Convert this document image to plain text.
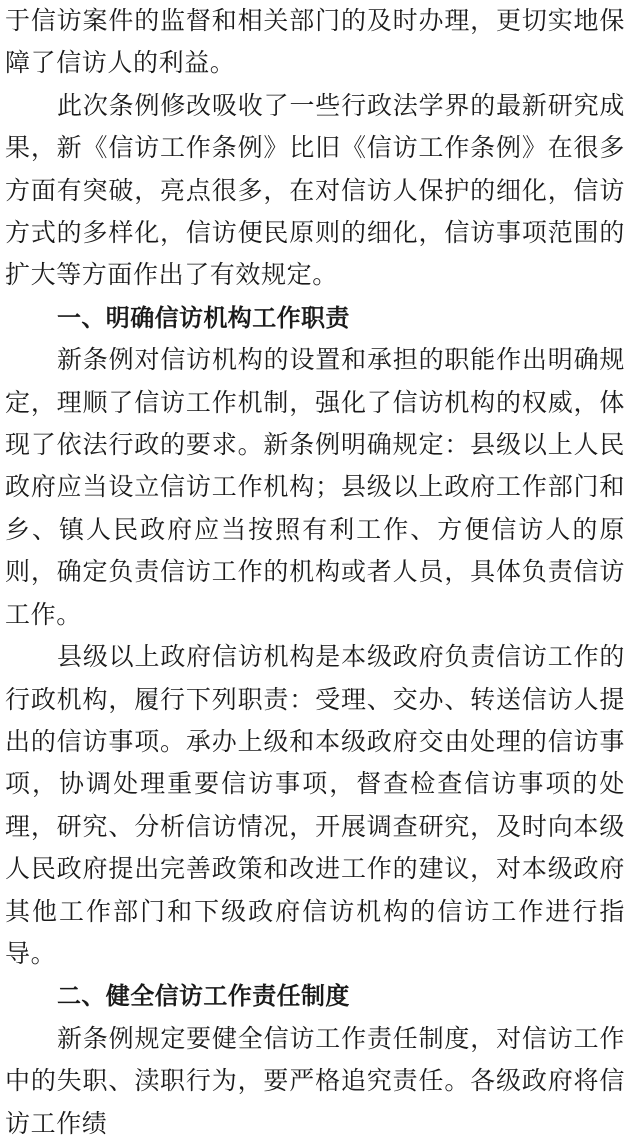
于信访案件的监督和相关部门的及时办理，更切实地保障了信访人的利益。

此次条例修改吸收了一些行政法学界的最新研究成果，新《信访工作条例》比旧《信访工作条例》在很多方面有突破，亮点很多，在对信访人保护的细化，信访方式的多样化，信访便民原则的细化，信访事项范围的扩大等方面作出了有效规定。

一、明确信访机构工作职责

新条例对信访机构的设置和承担的职能作出明确规定，理顺了信访工作机制，强化了信访机构的权威，体现了依法行政的要求。新条例明确规定：县级以上人民政府应当设立信访工作机构；县级以上政府工作部门和乡、镇人民政府应当按照有利工作、方便信访人的原则，确定负责信访工作的机构或者人员，具体负责信访工作。

县级以上政府信访机构是本级政府负责信访工作的行政机构，履行下列职责：受理、交办、转送信访人提出的信访事项。承办上级和本级政府交由处理的信访事项，协调处理重要信访事项，督查检查信访事项的处理，研究、分析信访情况，开展调查研究，及时向本级人民政府提出完善政策和改进工作的建议，对本级政府其他工作部门和下级政府信访机构的信访工作进行指导。

二、健全信访工作责任制度

新条例规定要健全信访工作责任制度，对信访工作中的失职、渎职行为，要严格追究责任。各级政府将信访工作绩
